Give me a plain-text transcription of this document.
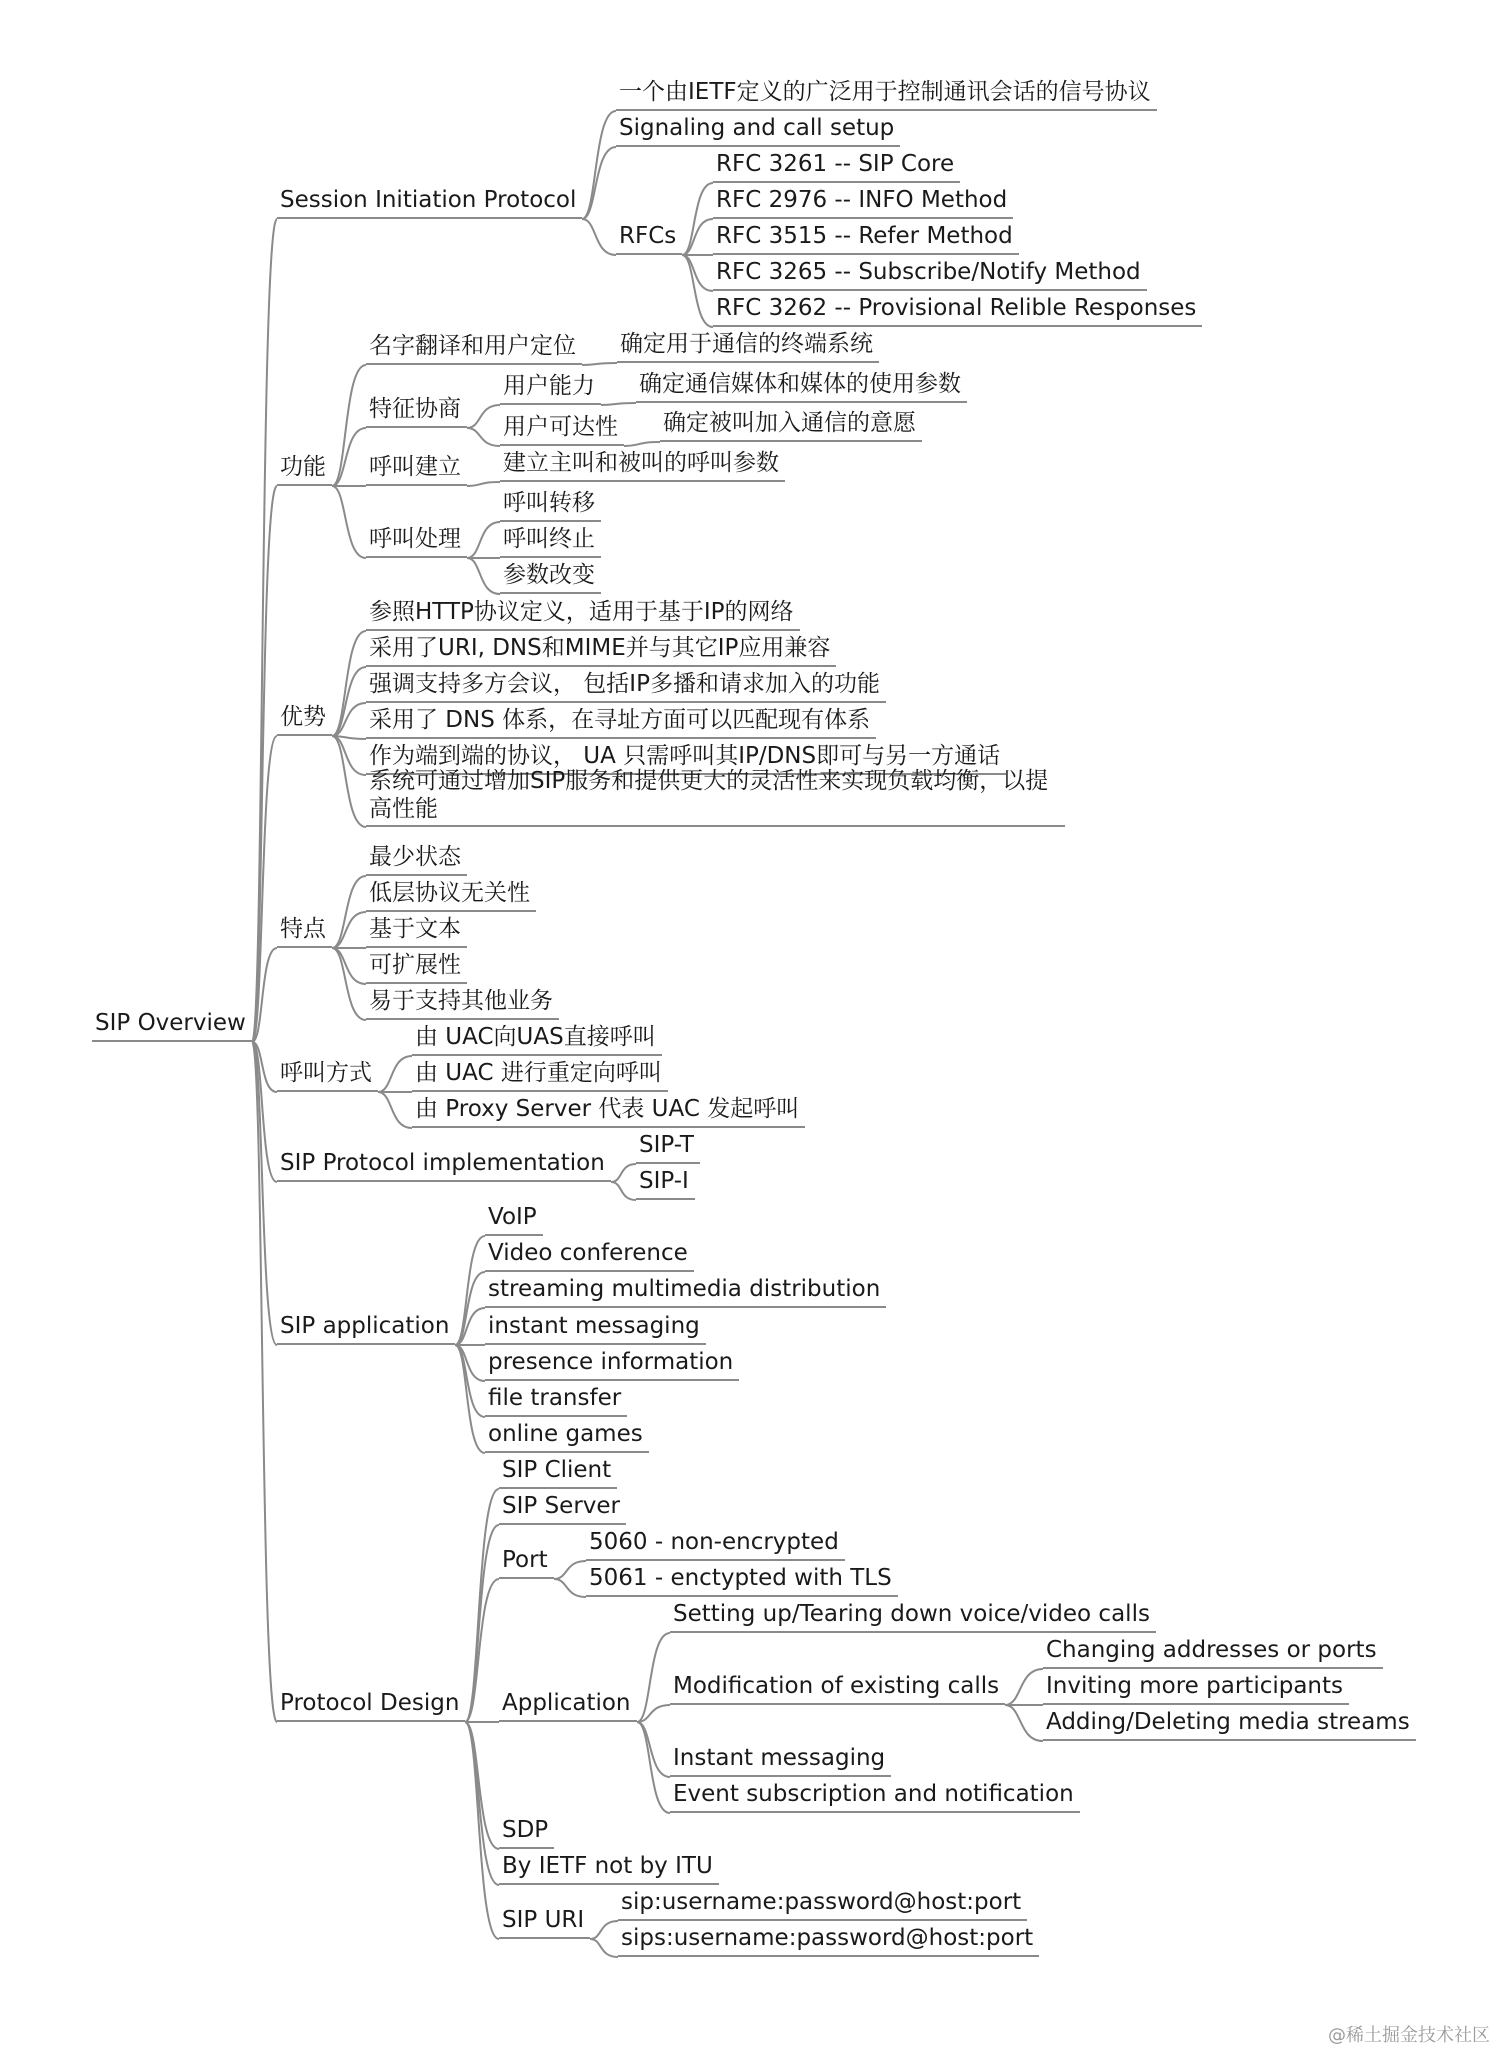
SIP Overview
Session Initiation Protocol
一个由IETF定义的广泛用于控制通讯会话的信号协议
Signaling and call setup
RFCs
RFC 3261 -- SIP Core
RFC 2976 -- INFO Method
RFC 3515 -- Refer Method
RFC 3265 -- Subscribe/Notify Method
RFC 3262 -- Provisional Relible Responses
功能
名字翻译和用户定位 确定用于通信的终端系统
特征协商
用户能力 确定通信媒体和媒体的使用参数
用户可达性 确定被叫加入通信的意愿
呼叫建立 建立主叫和被叫的呼叫参数
呼叫处理
呼叫转移
呼叫终止
参数改变
优势
参照HTTP协议定义，适用于基于IP的网络
采用了URI, DNS和MIME并与其它IP应用兼容
强调支持多方会议， 包括IP多播和请求加入的功能
采用了 DNS 体系，在寻址方面可以匹配现有体系
作为端到端的协议， UA 只需呼叫其IP/DNS即可与另一方通话
系统可通过增加SIP服务和提供更大的灵活性来实现负载均衡，以提高性能
特点
最少状态
低层协议无关性
基于文本
可扩展性
易于支持其他业务
呼叫方式
由 UAC向UAS直接呼叫
由 UAC 进行重定向呼叫
由 Proxy Server 代表 UAC 发起呼叫
SIP Protocol implementation
SIP-T
SIP-I
SIP application
VoIP
Video conference
streaming multimedia distribution
instant messaging
presence information
file transfer
online games
Protocol Design
SIP Client
SIP Server
Port
5060 - non-encrypted
5061 - enctypted with TLS
Application
Setting up/Tearing down voice/video calls
Modification of existing calls
Changing addresses or ports
Inviting more participants
Adding/Deleting media streams
Instant messaging
Event subscription and notification
SDP
By IETF not by ITU
SIP URI
sip:username:password@host:port
sips:username:password@host:port
@稀土掘金技术社区
